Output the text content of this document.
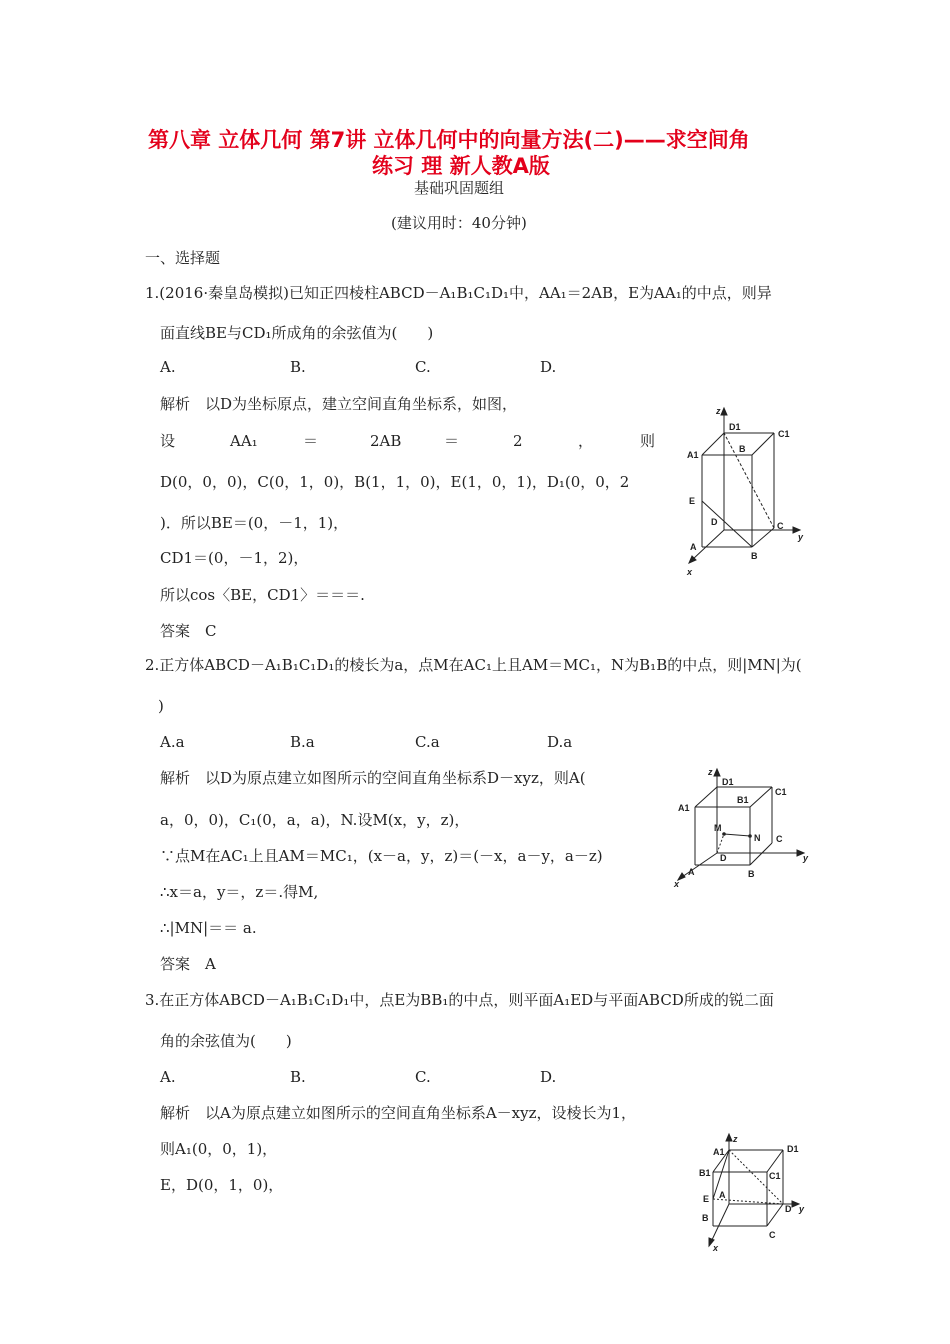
第八章 立体几何 第7讲 立体几何中的向量方法(二)——求空间角
练习 理 新人教A版
基础巩固题组
(建议用时：40分钟)
一、选择题
1.(2016·秦皇岛模拟)已知正四棱柱ABCD－A₁B₁C₁D₁中，AA₁＝2AB，E为AA₁的中点，则异
面直线BE与CD₁所成角的余弦值为(　　)
A.	B.	C.	D.
解析　以D为坐标原点，建立空间直角坐标系，如图，
设	AA₁	＝	2AB	＝	2	，	则
D(0，0，0)，C(0，1，0)，B(1，1，0)，E(1，0，1)，D₁(0，0，2
)．所以BE＝(0，－1，1)，
CD1＝(0，－1，2)，
所以cos〈BE，CD1〉＝＝＝.
答案　C
z
D1
C1
A1
B
E
D	C
y
A
B
x
2.正方体ABCD－A₁B₁C₁D₁的棱长为a，点M在AC₁上且AM＝MC₁，N为B₁B的中点，则|MN|为(
)
A.a	B.a	C.a	D.a
解析　以D为原点建立如图所示的空间直角坐标系D－xyz，则A(
a，0，0)，C₁(0，a，a)，N.设M(x，y，z)，
∵点M在AC₁上且AM＝MC₁，(x－a，y，z)＝(－x，a－y，a－z)
∴x＝a，y＝，z＝.得M,
∴|MN|＝＝ a.
答案　A
z
D1
B1
C1
A1
M
N C
D	y
A	B
x
3.在正方体ABCD－A₁B₁C₁D₁中，点E为BB₁的中点，则平面A₁ED与平面ABCD所成的锐二面
角的余弦值为(　　)
A.	B.	C.	D.
解析　以A为原点建立如图所示的空间直角坐标系A－xyz，设棱长为1，
则A₁(0，0，1)，
E，D(0，1，0)，
z
D1
A1
B1	C1
A
E
B
D y
C
x
